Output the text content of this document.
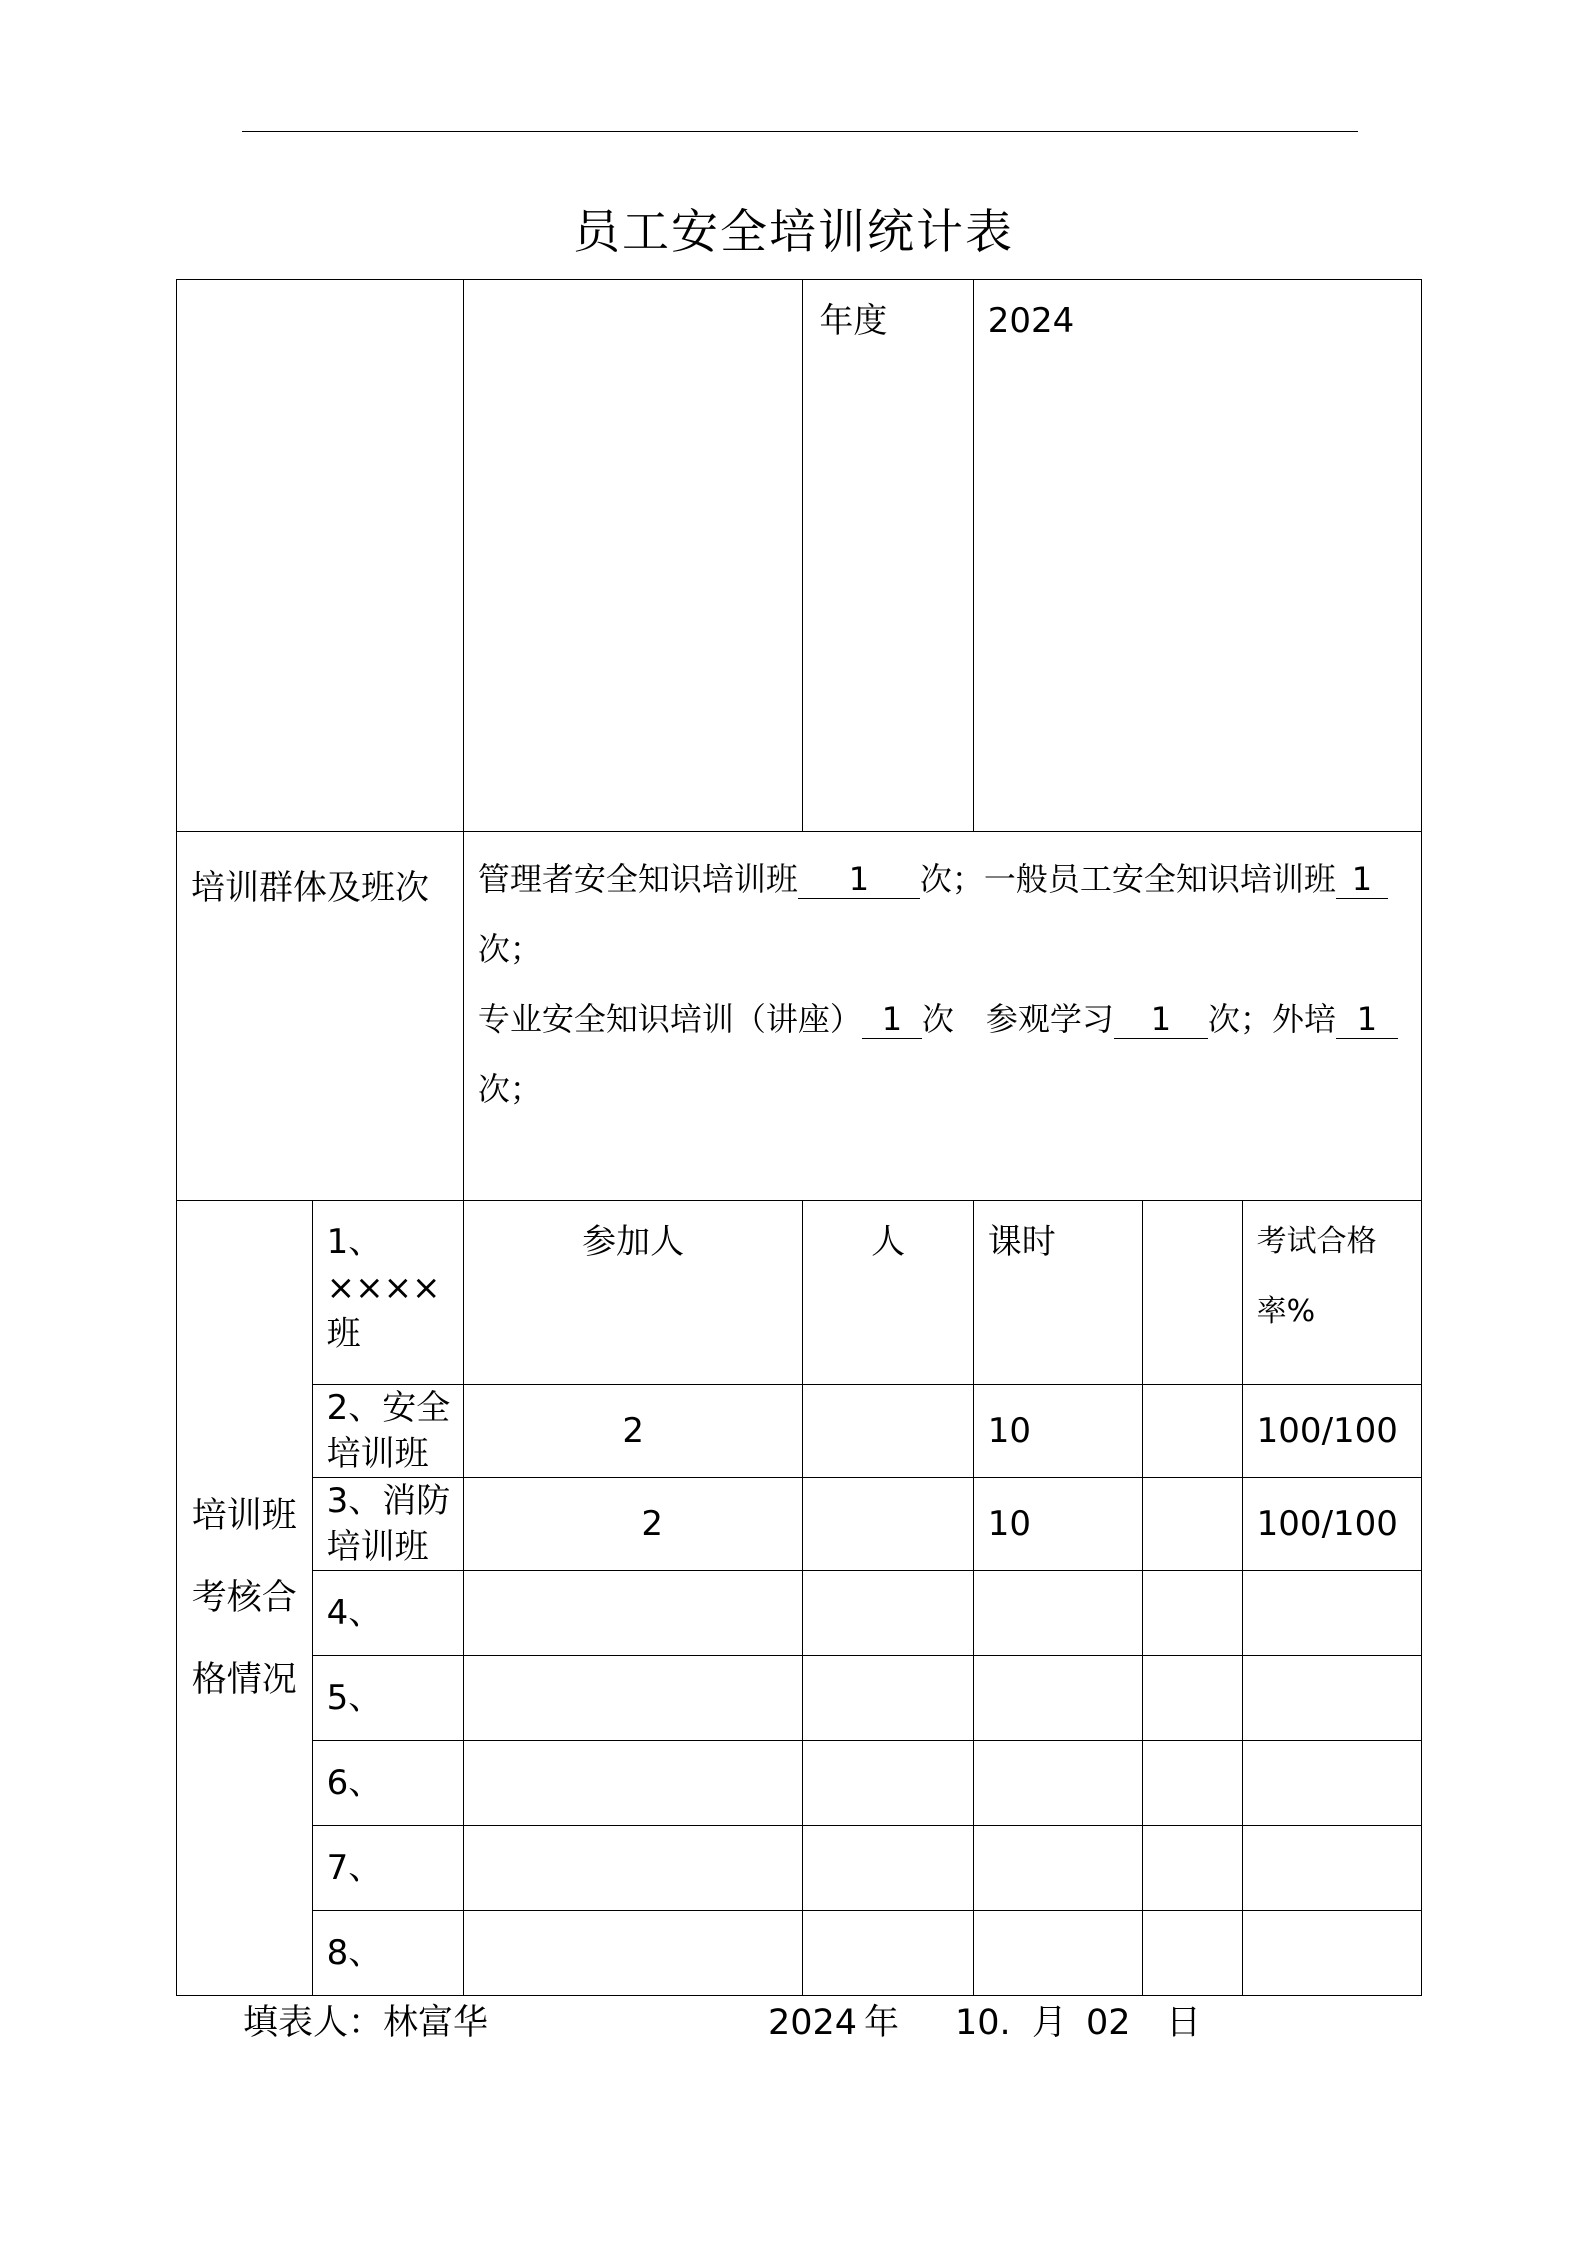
员工安全培训统计表
			年度	2024		
培训群体及班次		管理者安全知识培训班 1 次；一般员工安全知识培训班 1
次；
专业安全知识培训（讲座） 1 次 参观学习 1 次；外培 1
次；				

培训班考核合格情况	1、××××班	参加人	人	课时		考试合格率%
	2、安全培训班	2		10		100/100
	3、消防培训班	2		10		100/100
	4、					
	5、					
	6、					
	7、					
	8、					
填表人：林富华	2024 年 10. 月 02 日
